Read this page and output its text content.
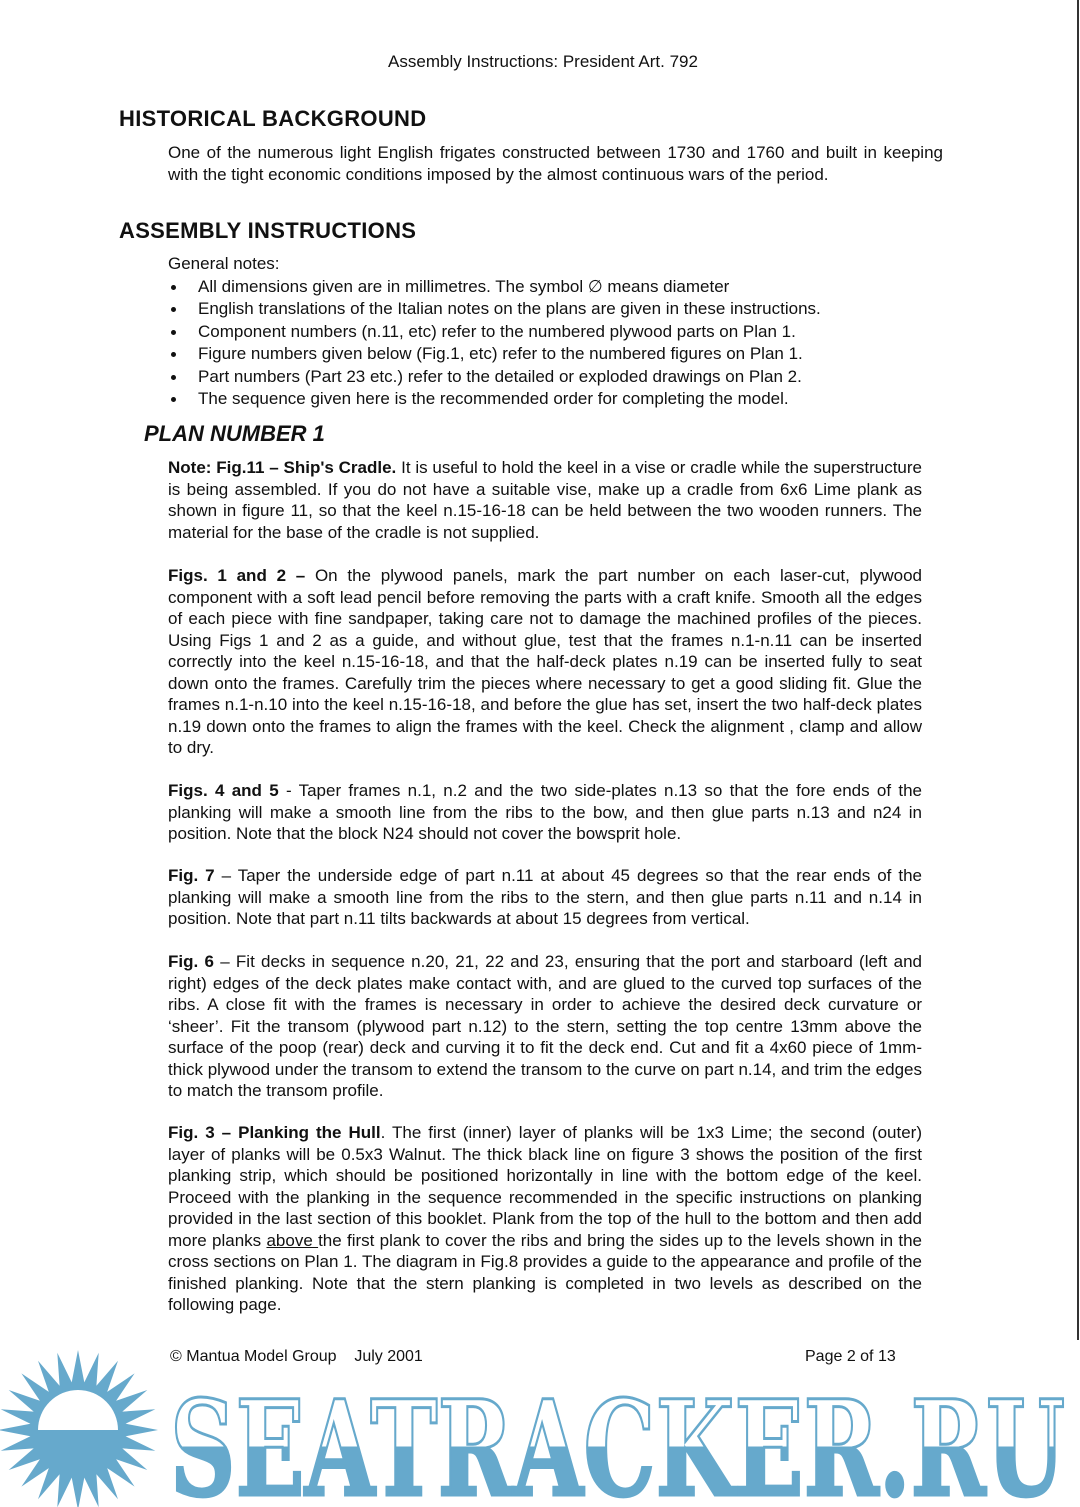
Assembly Instructions: President Art. 792
HISTORICAL BACKGROUND
One of the numerous light English frigates constructed between 1730 and 1760 and built in keeping with the tight economic conditions imposed by the almost continuous wars of the period.
ASSEMBLY INSTRUCTIONS
General notes:
All dimensions given are in millimetres. The symbol ∅ means diameter
English translations of the Italian notes on the plans are given in these instructions.
Component numbers (n.11, etc) refer to the numbered plywood parts on Plan 1.
Figure numbers given below (Fig.1, etc) refer to the numbered figures on Plan 1.
Part numbers (Part 23 etc.) refer to the detailed or exploded drawings on Plan 2.
The sequence given here is the recommended order for completing the model.
PLAN NUMBER 1
Note: Fig.11 – Ship's Cradle. It is useful to hold the keel in a vise or cradle while the superstructure is being assembled. If you do not have a suitable vise, make up a cradle from 6x6 Lime plank as shown in figure 11, so that the keel n.15-16-18 can be held between the two wooden runners. The material for the base of the cradle is not supplied.
Figs. 1 and 2 – On the plywood panels, mark the part number on each laser-cut, plywood component with a soft lead pencil before removing the parts with a craft knife. Smooth all the edges of each piece with fine sandpaper, taking care not to damage the machined profiles of the pieces. Using Figs 1 and 2 as a guide, and without glue, test that the frames n.1-n.11 can be inserted correctly into the keel n.15-16-18, and that the half-deck plates n.19 can be inserted fully to seat down onto the frames. Carefully trim the pieces where necessary to get a good sliding fit. Glue the frames n.1-n.10 into the keel n.15-16-18, and before the glue has set, insert the two half-deck plates n.19 down onto the frames to align the frames with the keel. Check the alignment , clamp and allow to dry.
Figs. 4 and 5 - Taper frames n.1, n.2 and the two side-plates n.13 so that the fore ends of the planking will make a smooth line from the ribs to the bow, and then glue parts n.13 and n24 in position. Note that the block N24 should not cover the bowsprit hole.
Fig. 7 – Taper the underside edge of part n.11 at about 45 degrees so that the rear ends of the planking will make a smooth line from the ribs to the stern, and then glue parts n.11 and n.14 in position. Note that part n.11 tilts backwards at about 15 degrees from vertical.
Fig. 6 – Fit decks in sequence n.20, 21, 22 and 23, ensuring that the port and starboard (left and right) edges of the deck plates make contact with, and are glued to the curved top surfaces of the ribs. A close fit with the frames is necessary in order to achieve the desired deck curvature or ‘sheer’. Fit the transom (plywood part n.12) to the stern, setting the top centre 13mm above the surface of the poop (rear) deck and curving it to fit the deck end. Cut and fit a 4x60 piece of 1mm-thick plywood under the transom to extend the transom to the curve on part n.14, and trim the edges to match the transom profile.
Fig. 3 – Planking the Hull. The first (inner) layer of planks will be 1x3 Lime; the second (outer) layer of planks will be 0.5x3 Walnut. The thick black line on figure 3 shows the position of the first planking strip, which should be positioned horizontally in line with the bottom edge of the keel. Proceed with the planking in the sequence recommended in the specific instructions on planking provided in the last section of this booklet. Plank from the top of the hull to the bottom and then add more planks above the first plank to cover the ribs and bring the sides up to the levels shown in the cross sections on Plan 1. The diagram in Fig.8 provides a guide to the appearance and profile of the finished planking. Note that the stern planking is completed in two levels as described on the following page.
© Mantua Model Group    July 2001	Page 2 of 13
SEATRACKER.RU
